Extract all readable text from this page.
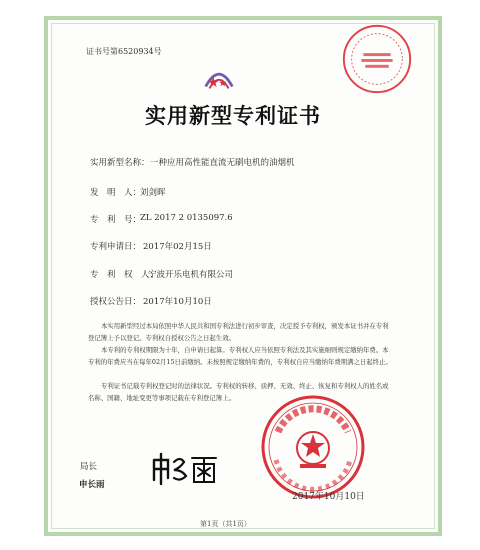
证书号第6520934号
实用新型专利证书
实用新型名称： 一种应用高性能直流无刷电机的油烟机
发　明　人：
刘剑晖
专　利　号：
ZL 2017 2 0135097.6
专利申请日： 2017年02月15日
专　利　权　人：
宁波开乐电机有限公司
授权公告日： 2017年10月10日
本实用新型经过本局依照中华人民共和国专利法进行初步审查，决定授予专利权，颁发本证书并在专利登记簿上予以登记。专利权自授权公告之日起生效。
本专利的专利权期限为十年，自申请日起算。专利权人应当依照专利法及其实施细则规定缴纳年费。本专利的年费应当在每年02月15日前缴纳。未按照规定缴纳年费的，专利权自应当缴纳年费期满之日起终止。
专利证书记载专利权登记时的法律状况。专利权的转移、质押、无效、终止、恢复和专利权人的姓名或名称、国籍、地址变更等事项记载在专利登记簿上。
局长
申长雨
2017年10月10日
第1页（共1页）
